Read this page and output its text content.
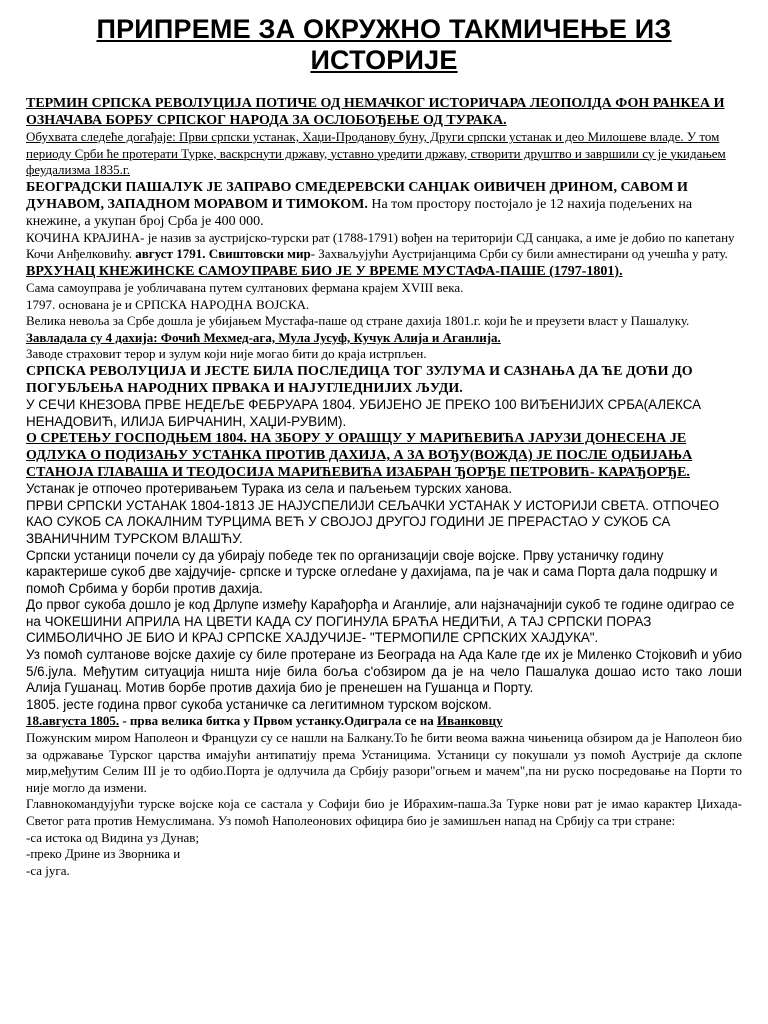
ПРИПРЕМЕ ЗА ОКРУЖНО ТАКМИЧЕЊЕ ИЗ ИСТОРИЈЕ

ТЕРМИН СРПСКА РЕВОЛУЦИЈА ПОТИЧЕ ОД НЕМАЧКОГ ИСТОРИЧАРА ЛЕОПОЛДА ФОН РАНКЕА И ОЗНАЧАВА БОРБУ СРПСКОГ НАРОДА ЗА ОСЛОБОЂЕЊЕ ОД ТУРАКА.

Обухвата следеће догађаје: Први српски устанак, Хаџи-Проданову буну, Други српски устанак и део Милошеве владе. У том периоду Срби ће протерати Турке, васкрснути државу, уставно уредити државу, створити друштво и завршили су је укидањем феудализма 1835.г.

БЕОГРАДСКИ ПАШАЛУК ЈЕ ЗАПРАВО СМЕДЕРЕВСКИ САНЏАК ОИВИЧЕН ДРИНОМ, САВОМ И ДУНАВОМ, ЗАПАДНОМ МОРАВОМ И ТИМОКОМ. На том простору постојало је 12 нахија подељених на кнежине, а укупан број Срба је 400 000.

КОЧИНА КРАЈИНА- је назив за аустријско-турски рат (1788-1791) вођен на територији СД санџака, а име је добио по капетану Кочи Анђелковићу. август 1791. Свиштовски мир- Захваљујући Аустријанцима Срби су били амнестирани од учешћа у рату.

ВРХУНАЦ КНЕЖИНСКЕ САМОУПРАВЕ БИО ЈЕ У ВРЕМЕ МУСТАФА-ПАШЕ (1797-1801).

Сама самоуправа је уобличавана путем султанових фермана крајем XVIII века.

1797. основана је и СРПСКА НАРОДНА ВОЈСКА.

Велика невоља за Србе дошла је убијањем Мустафа-паше од стране дахија 1801.г. који ће и преузети власт у Пашалуку.

Завладала су 4 дахија: Фочић Мехмед-ага, Мула Јусуф, Кучук Алија и Аганлија.

Заводе страховит терор и зулум који није могао бити до краја истрпљен.

СРПСКА РЕВОЛУЦИЈА И ЈЕСТЕ БИЛА ПОСЛЕДИЦА ТОГ ЗУЛУМА И САЗНАЊА ДА ЋЕ ДОЋИ ДО ПОГУБЉЕЊА НАРОДНИХ ПРВАКА И НАЈУГЛЕДНИЈИХ ЉУДИ.

У СЕЧИ КНЕЗОВА ПРВЕ НЕДЕЉЕ ФЕБРУАРА 1804. УБИЈЕНО ЈЕ ПРЕКО 100 ВИЂЕНИЈИХ СРБА(АЛЕКСА НЕНАДОВИЋ, ИЛИЈА БИРЧАНИН, ХАЏИ-РУВИМ).

О СРЕТЕЊУ ГОСПОДЊЕМ 1804. НА ЗБОРУ У ОРАШЦУ У МАРИЋЕВИЋА ЈАРУЗИ ДОНЕСЕНА ЈЕ ОДЛУКА О ПОДИЗАЊУ УСТАНКА ПРОТИВ ДАХИЈА, А ЗА ВОЂУ(ВОЖДА) ЈЕ ПОСЛЕ ОДБИЈАЊА СТАНОЈА ГЛАВАША И ТЕОДОСИЈА МАРИЋЕВИЋА ИЗАБРАН ЂОРЂЕ ПЕТРОВИЋ- КАРАЂОРЂЕ.

Устанак је отпочео протеривањем Турака из села и паљењем турских ханова.

ПРВИ СРПСКИ УСТАНАК 1804-1813 ЈЕ НАЈУСПЕЛИЈИ СЕЉАЧКИ УСТАНАК У ИСТОРИЈИ СВЕТА. ОТПОЧЕО КАО СУКОБ СА ЛОКАЛНИМ ТУРЦИМА ВЕЋ У СВОЈОЈ ДРУГОЈ ГОДИНИ ЈЕ ПРЕРАСТАО У СУКОБ СА ЗВАНИЧНИМ ТУРСКОМ ВЛАШЋУ.

Српски устаници почели су да убирају победе тек по организацији своје војске. Прву устаничку годину карактерише сукоб две хајдучије- српске и турске оглedaне у дахијама, па је чак и сама Порта дала подршку и помоћ Србима у борби против дахија.

До првог сукоба дошло је код Дрлупе између Карађорђа и Аганлије, али најзначајнији сукоб те године одиграо се на ЧОКЕШИНИ АПРИЛА НА ЦВЕТИ КАДА СУ ПОГИНУЛА БРАЋА НЕДИЋИ, А ТАЈ СРПСКИ ПОРАЗ СИМБОЛИЧНО ЈЕ БИО И КРАЈ СРПСКЕ ХАЈДУЧИЈЕ- "ТЕРМОПИЛЕ СРПСКИХ ХАЈДУКА".

Уз помоћ султанове војске дахије су биле протеране из Београда на Ада Кале где их је Миленко Стојковић и убио 5/6.јула. Међутим ситуација ништа није била боља с'обзиром да је на чело Пашалука дошао исто тако лоши Алија Гушанац. Мотив борбе против дахија био је пренешен на Гушанца и Порту.

1805. јесте година првог сукоба устаничке са легитимном турском војском.

18.августа 1805. - прва велика битка у Првом устанку.Одиграла се на Иванковцу

Пожунским миром Наполеон и Француzи су се нашли на Балкану.То ће бити веома важна чињеница обзиром да је Наполеон био за одржавање Турског царства имајући антипатију према Устаницима. Устаници су покушали уз помоћ Аустрије да склопе мир,међутим Селим III је то одбио.Порта је одлучила да Србију разори"огњем и мачем",па ни руско посредовање на Порти то није могло да измени.

Главнокомандујући турске војске која се састала у Софији био је Ибрахим-паша.За Турке нови рат је имао карактер Џихада-Светог рата против Немуслимана. Уз помоћ Наполеонових официра био је замишљен напад на Србију са три стране:

-са истока од Видина уз Дунав;

-преко Дрине из Зворника и

-са југа.
